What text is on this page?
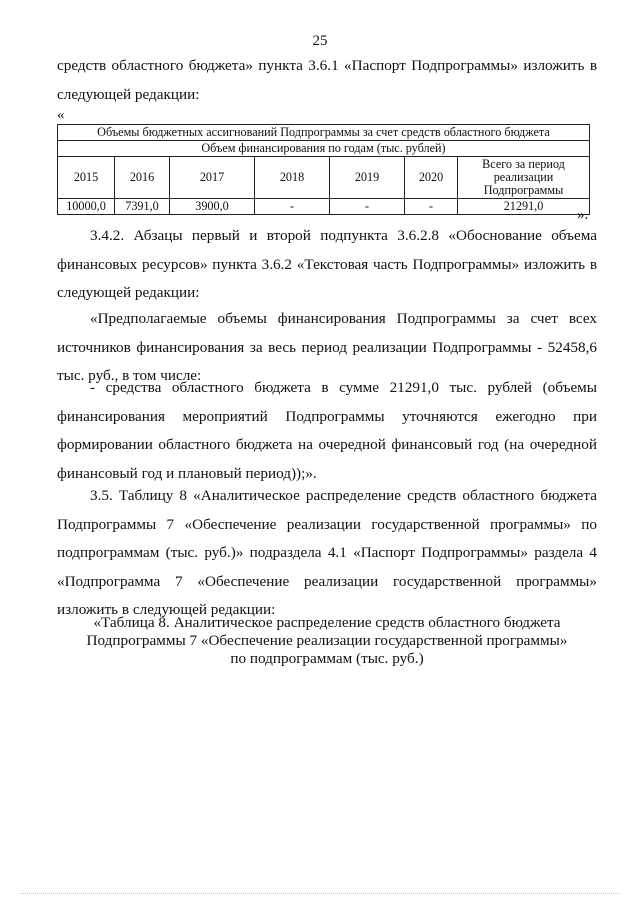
25

средств областного бюджета» пункта 3.6.1 «Паспорт Подпрограммы» изложить в следующей редакции:

«
Объемы бюджетных ассигнований Подпрограммы за счет средств областного бюджета						
Объем финансирования по годам (тыс. рублей)						
2015	2016	2017	2018	2019	2020	Всего за период реализации Подпрограммы
10000,0	7391,0	3900,0	-	-	-	21291,0
».

3.4.2. Абзацы первый и второй подпункта 3.6.2.8 «Обоснование объема финансовых ресурсов» пункта 3.6.2 «Текстовая часть Подпрограммы» изложить в следующей редакции:

«Предполагаемые объемы финансирования Подпрограммы за счет всех источников финансирования за весь период реализации Подпрограммы - 52458,6 тыс. руб., в том числе:

- средства областного бюджета в сумме 21291,0 тыс. рублей (объемы финансирования мероприятий Подпрограммы уточняются ежегодно при формировании областного бюджета на очередной финансовый год (на очередной финансовый год и плановый период));».

3.5. Таблицу 8 «Аналитическое распределение средств областного бюджета Подпрограммы 7 «Обеспечение реализации государственной программы» по подпрограммам (тыс. руб.)» подраздела 4.1 «Паспорт Подпрограммы» раздела 4 «Подпрограмма 7 «Обеспечение реализации государственной программы» изложить в следующей редакции:

«Таблица 8. Аналитическое распределение средств областного бюджета
Подпрограммы 7 «Обеспечение реализации государственной программы»
по подпрограммам (тыс. руб.)
